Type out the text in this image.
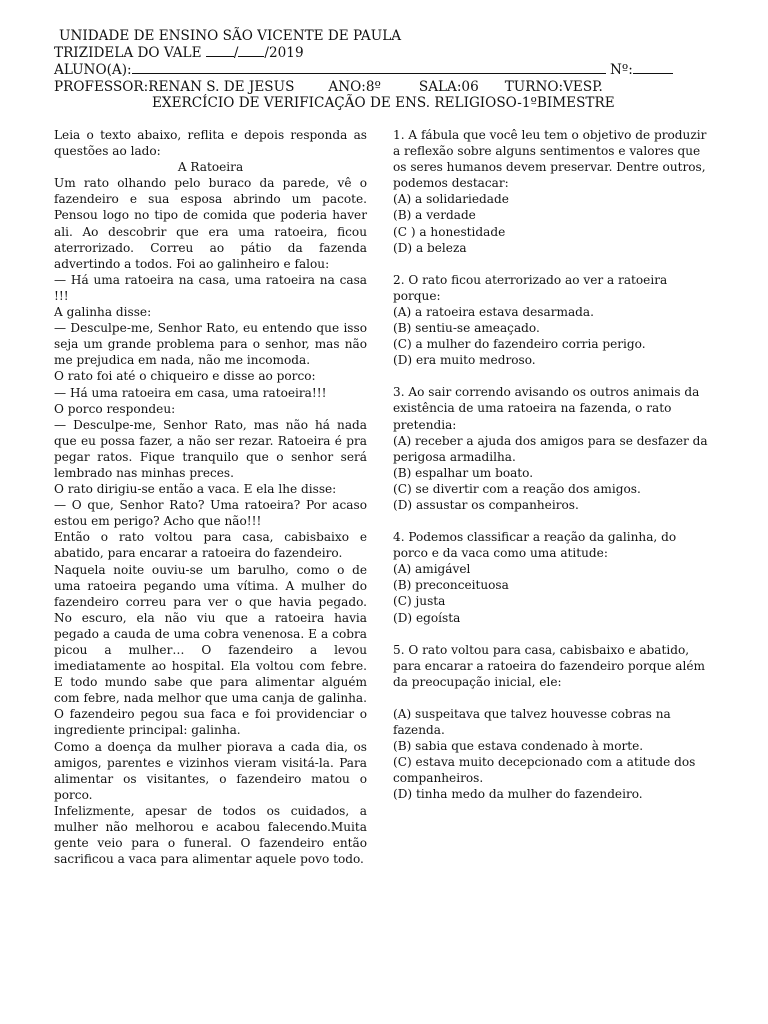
UNIDADE DE ENSINO SÃO VICENTE DE PAULA
TRIZIDELA DO VALE / /2019
ALUNO(A):	Nº:
PROFESSOR:RENAN S. DE JESUS	ANO:8º	SALA:06 TURNO:VESP.
EXERCÍCIO DE VERIFICAÇÃO DE ENS. RELIGIOSO-1ºBIMESTRE

Leia o texto abaixo, reflita e depois responda as questões ao lado:

A Ratoeira

Um rato olhando pelo buraco da parede, vê o fazendeiro e sua esposa abrindo um pacote. Pensou logo no tipo de comida que poderia haver ali. Ao descobrir que era uma ratoeira, ficou aterrorizado. Correu ao pátio da fazenda advertindo a todos. Foi ao galinheiro e falou:

— Há uma ratoeira na casa, uma ratoeira na casa !!!

A galinha disse:

— Desculpe-me, Senhor Rato, eu entendo que isso seja um grande problema para o senhor, mas não me prejudica em nada, não me incomoda.

O rato foi até o chiqueiro e disse ao porco:

— Há uma ratoeira em casa, uma ratoeira!!!

O porco respondeu:

— Desculpe-me, Senhor Rato, mas não há nada que eu possa fazer, a não ser rezar. Ratoeira é pra pegar ratos. Fique tranquilo que o senhor será lembrado nas minhas preces.

O rato dirigiu-se então a vaca. E ela lhe disse:

— O que, Senhor Rato? Uma ratoeira? Por acaso estou em perigo? Acho que não!!!

Então o rato voltou para casa, cabisbaixo e abatido, para encarar a ratoeira do fazendeiro.

Naquela noite ouviu-se um barulho, como o de uma ratoeira pegando uma vítima. A mulher do fazendeiro correu para ver o que havia pegado. No escuro, ela não viu que a ratoeira havia pegado a cauda de uma cobra venenosa. E a cobra picou a mulher… O fazendeiro a levou imediatamente ao hospital. Ela voltou com febre. E todo mundo sabe que para alimentar alguém com febre, nada melhor que uma canja de galinha. O fazendeiro pegou sua faca e foi providenciar o ingrediente principal: galinha.

Como a doença da mulher piorava a cada dia, os amigos, parentes e vizinhos vieram visitá-la. Para alimentar os visitantes, o fazendeiro matou o porco.

Infelizmente, apesar de todos os cuidados, a mulher não melhorou e acabou falecendo.Muita gente veio para o funeral. O fazendeiro então sacrificou a vaca para alimentar aquele povo todo.

1. A fábula que você leu tem o objetivo de produzir a reflexão sobre alguns sentimentos e valores que os seres humanos devem preservar. Dentre outros, podemos destacar:

(A) a solidariedade

(B) a verdade

(C ) a honestidade

(D) a beleza

2. O rato ficou aterrorizado ao ver a ratoeira porque:

(A) a ratoeira estava desarmada.

(B) sentiu-se ameaçado.

(C) a mulher do fazendeiro corria perigo.

(D) era muito medroso.

3. Ao sair correndo avisando os outros animais da existência de uma ratoeira na fazenda, o rato pretendia:

(A) receber a ajuda dos amigos para se desfazer da perigosa armadilha.

(B) espalhar um boato.

(C) se divertir com a reação dos amigos.

(D) assustar os companheiros.

4. Podemos classificar a reação da galinha, do porco e da vaca como uma atitude:

(A) amigável

(B) preconceituosa

(C) justa

(D) egoísta

5. O rato voltou para casa, cabisbaixo e abatido, para encarar a ratoeira do fazendeiro porque além da preocupação inicial, ele:

(A) suspeitava que talvez houvesse cobras na fazenda.

(B) sabia que estava condenado à morte.

(C) estava muito decepcionado com a atitude dos companheiros.

(D) tinha medo da mulher do fazendeiro.
